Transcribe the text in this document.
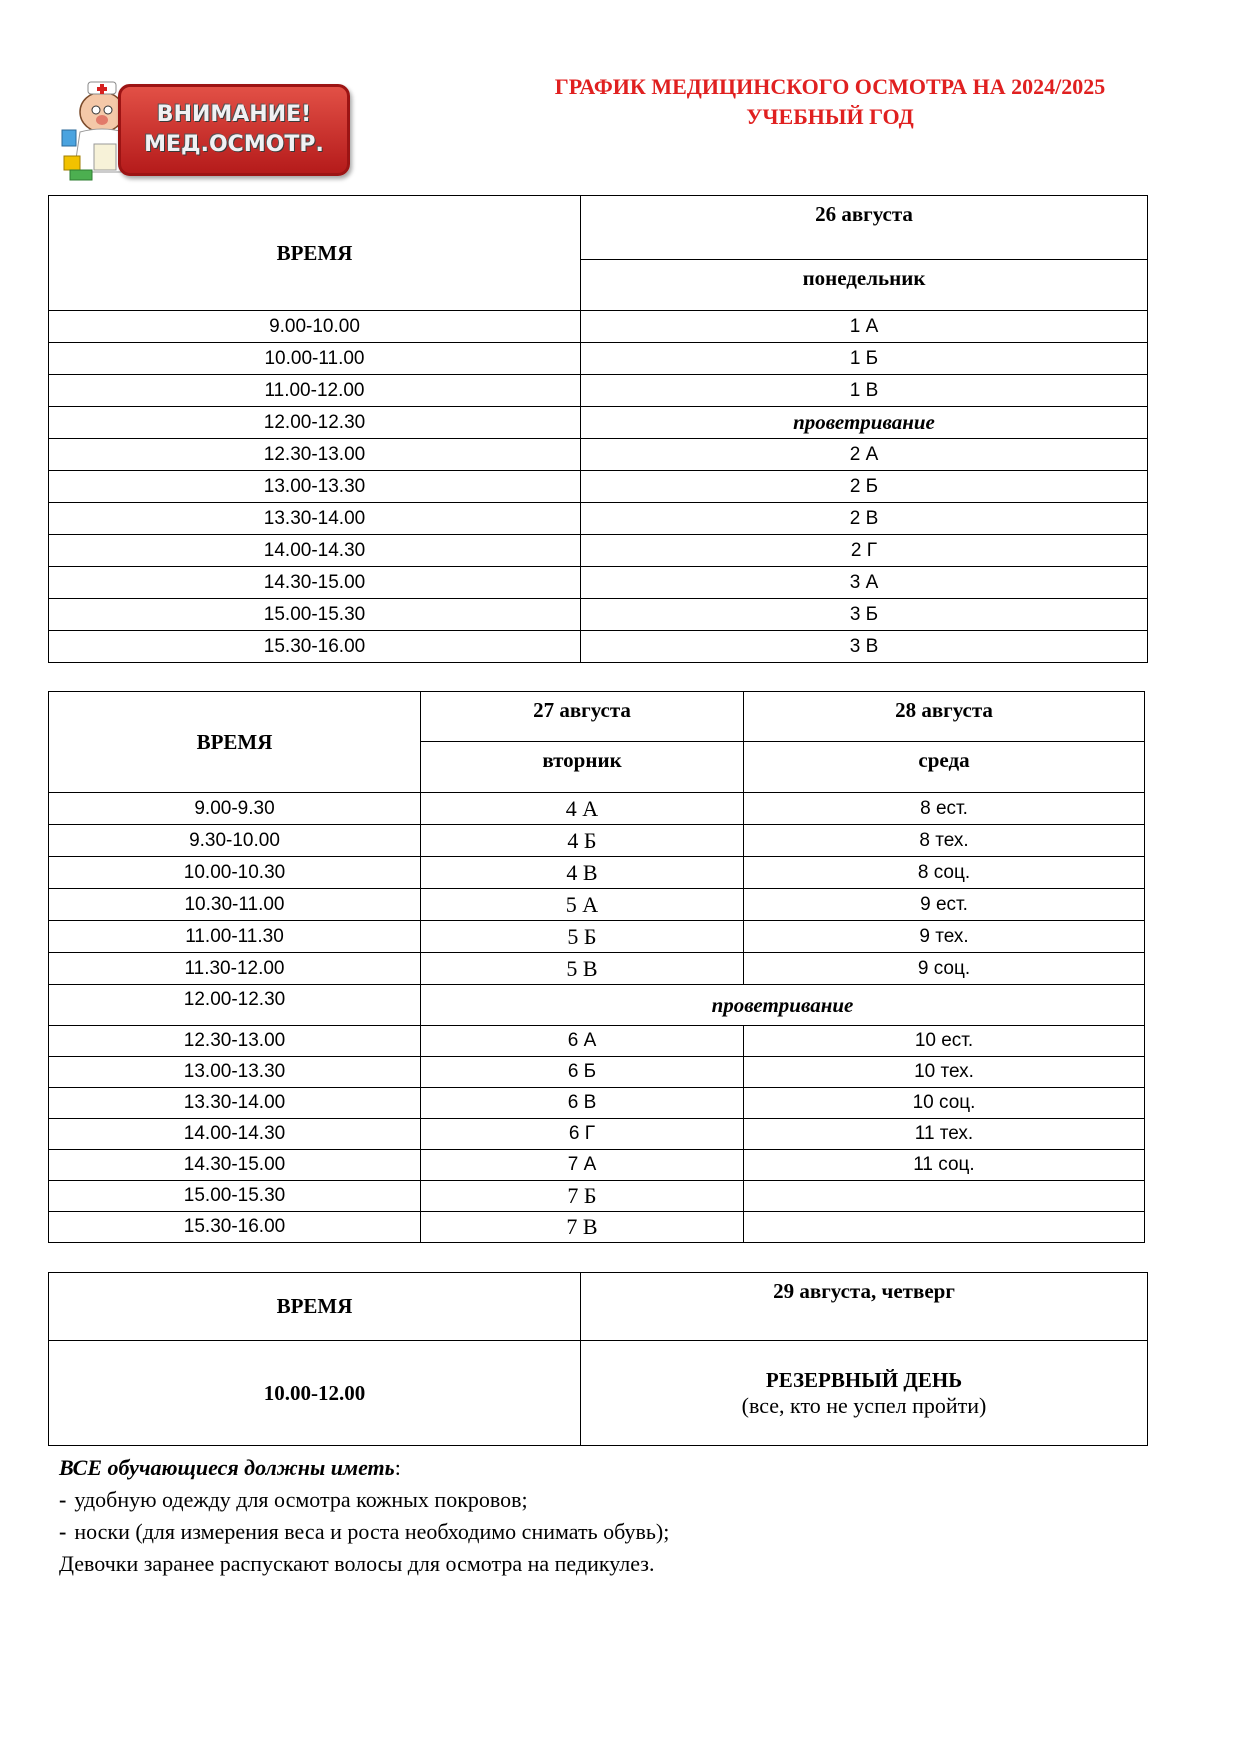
ВНИМАНИЕ!
МЕД.ОСМОТР.
ГРАФИК МЕДИЦИНСКОГО ОСМОТРА НА 2024/2025
УЧЕБНЫЙ ГОД
ВРЕМЯ	26 августа
	понедельник
9.00-10.00	1 А
10.00-11.00	1 Б
11.00-12.00	1 В
12.00-12.30	проветривание
12.30-13.00	2 А
13.00-13.30	2 Б
13.30-14.00	2 В
14.00-14.30	2 Г
14.30-15.00	3 А
15.00-15.30	3 Б
15.30-16.00	3 В
ВРЕМЯ	27 августа	28 августа
	вторник	среда
9.00-9.30	4 А	8 ест.
9.30-10.00	4 Б	8 тех.
10.00-10.30	4 В	8 соц.
10.30-11.00	5 А	9 ест.
11.00-11.30	5 Б	9 тех.
11.30-12.00	5 В	9 соц.
12.00-12.30	проветривание	
12.30-13.00	6 А	10 ест.
13.00-13.30	6 Б	10 тех.
13.30-14.00	6 В	10 соц.
14.00-14.30	6 Г	11 тех.
14.30-15.00	7 А	11 соц.
15.00-15.30	7 Б	
15.30-16.00	7 В	
ВРЕМЯ	29 августа, четверг
10.00-12.00	РЕЗЕРВНЫЙ ДЕНЬ
(все, кто не успел пройти)
ВСЕ обучающиеся должны иметь:
- удобную одежду для осмотра кожных покровов;
- носки (для измерения веса и роста необходимо снимать обувь);
Девочки заранее распускают волосы для осмотра на педикулез.
